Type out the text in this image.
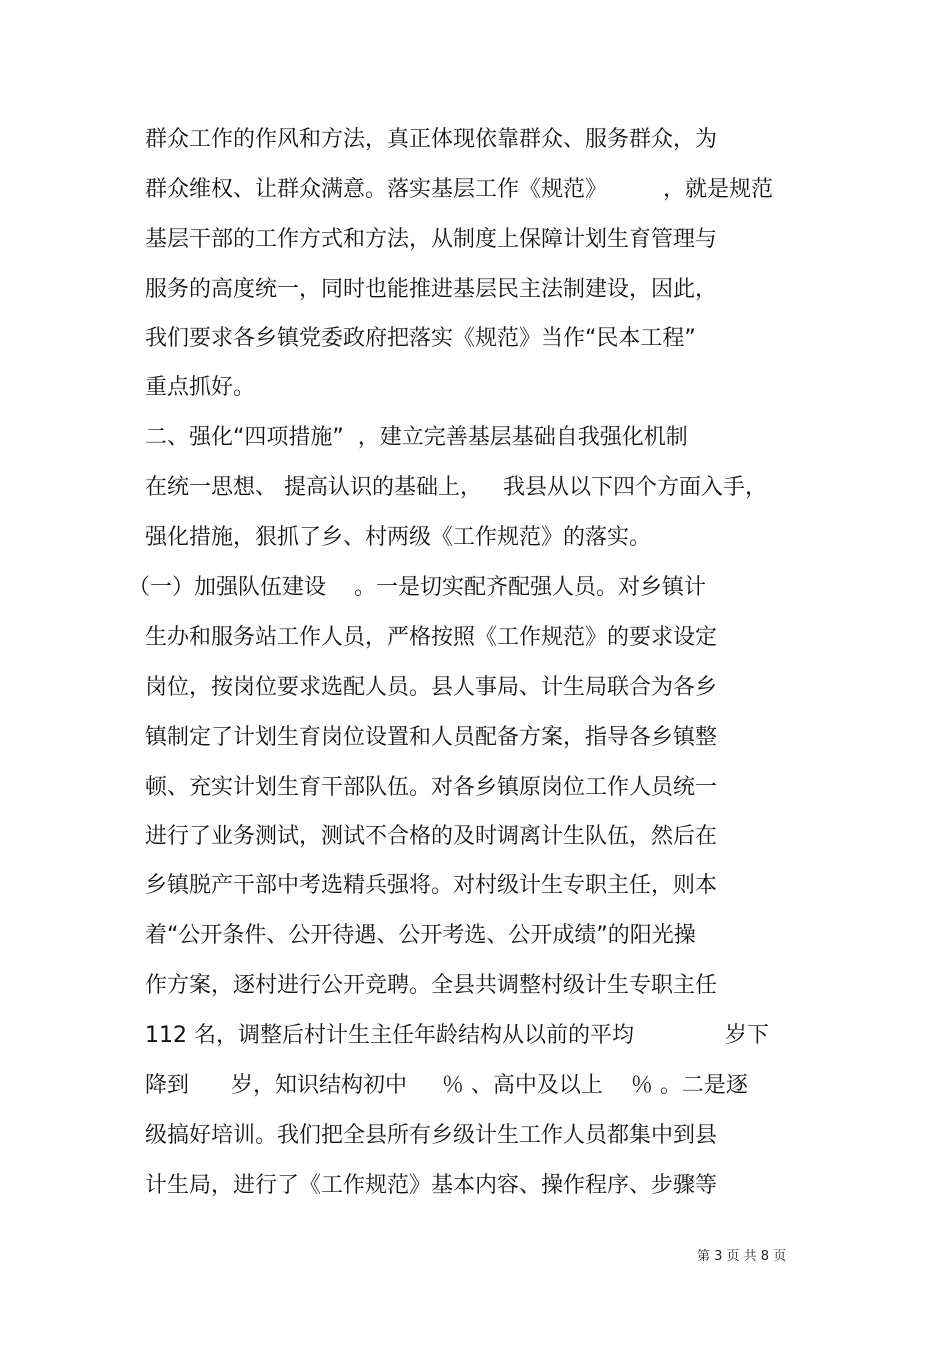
群众工作的作风和方法，真正体现依靠群众、服务群众，为
群众维权、让群众满意。落实基层工作《规范》        ，就是规范
基层干部的工作方式和方法，从制度上保障计划生育管理与
服务的高度统一，同时也能推进基层民主法制建设，因此，
我们要求各乡镇党委政府把落实《规范》当作“民本工程”
重点抓好。
二、强化“四项措施”  ，建立完善基层基础自我强化机制
在统一思想、 提高认识的基础上，   我县从以下四个方面入手，
强化措施，狠抓了乡、村两级《工作规范》的落实。
（一）加强队伍建设    。一是切实配齐配强人员。对乡镇计
生办和服务站工作人员，严格按照《工作规范》的要求设定
岗位，按岗位要求选配人员。县人事局、计生局联合为各乡
镇制定了计划生育岗位设置和人员配备方案，指导各乡镇整
顿、充实计划生育干部队伍。对各乡镇原岗位工作人员统一
进行了业务测试，测试不合格的及时调离计生队伍，然后在
乡镇脱产干部中考选精兵强将。对村级计生专职主任，则本
着“公开条件、公开待遇、公开考选、公开成绩”的阳光操
作方案，逐村进行公开竞聘。全县共调整村级计生专职主任
112 名，调整后村计生主任年龄结构从以前的平均             岁下
降到      岁，知识结构初中     ％ 、高中及以上    ％ 。二是逐
级搞好培训。我们把全县所有乡级计生工作人员都集中到县
计生局，进行了《工作规范》基本内容、操作程序、步骤等
第 3 页 共 8 页
